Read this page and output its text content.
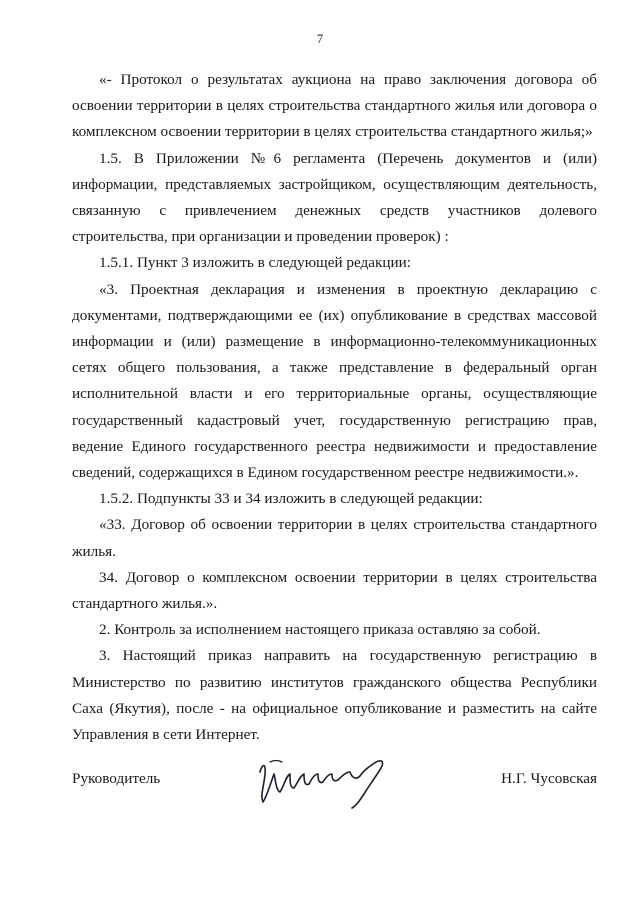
7

«- Протокол о результатах аукциона на право заключения договора об освоении территории в целях строительства стандартного жилья или договора о комплексном освоении территории в целях строительства стандартного жилья;»

1.5. В Приложении №6 регламента (Перечень документов и (или) информации, представляемых застройщиком, осуществляющим деятельность, связанную с привлечением денежных средств участников долевого строительства, при организации и проведении проверок) :

1.5.1. Пункт 3 изложить в следующей редакции:

«3. Проектная декларация и изменения в проектную декларацию с документами, подтверждающими ее (их) опубликование в средствах массовой информации и (или) размещение в информационно-телекоммуникационных сетях общего пользования, а также представление в федеральный орган исполнительной власти и его территориальные органы, осуществляющие государственный кадастровый учет, государственную регистрацию прав, ведение Единого государственного реестра недвижимости и предоставление сведений, содержащихся в Едином государственном реестре недвижимости.».

1.5.2. Подпункты 33 и 34 изложить в следующей редакции:

«33. Договор об освоении территории в целях строительства стандартного жилья.

34. Договор о комплексном освоении территории в целях строительства стандартного жилья.».

2. Контроль за исполнением настоящего приказа оставляю за собой.

3. Настоящий приказ направить на государственную регистрацию в Министерство по развитию институтов гражданского общества Республики Саха (Якутия), после - на официальное опубликование и разместить на сайте Управления в сети Интернет.

Руководитель	Н.Г. Чусовская
